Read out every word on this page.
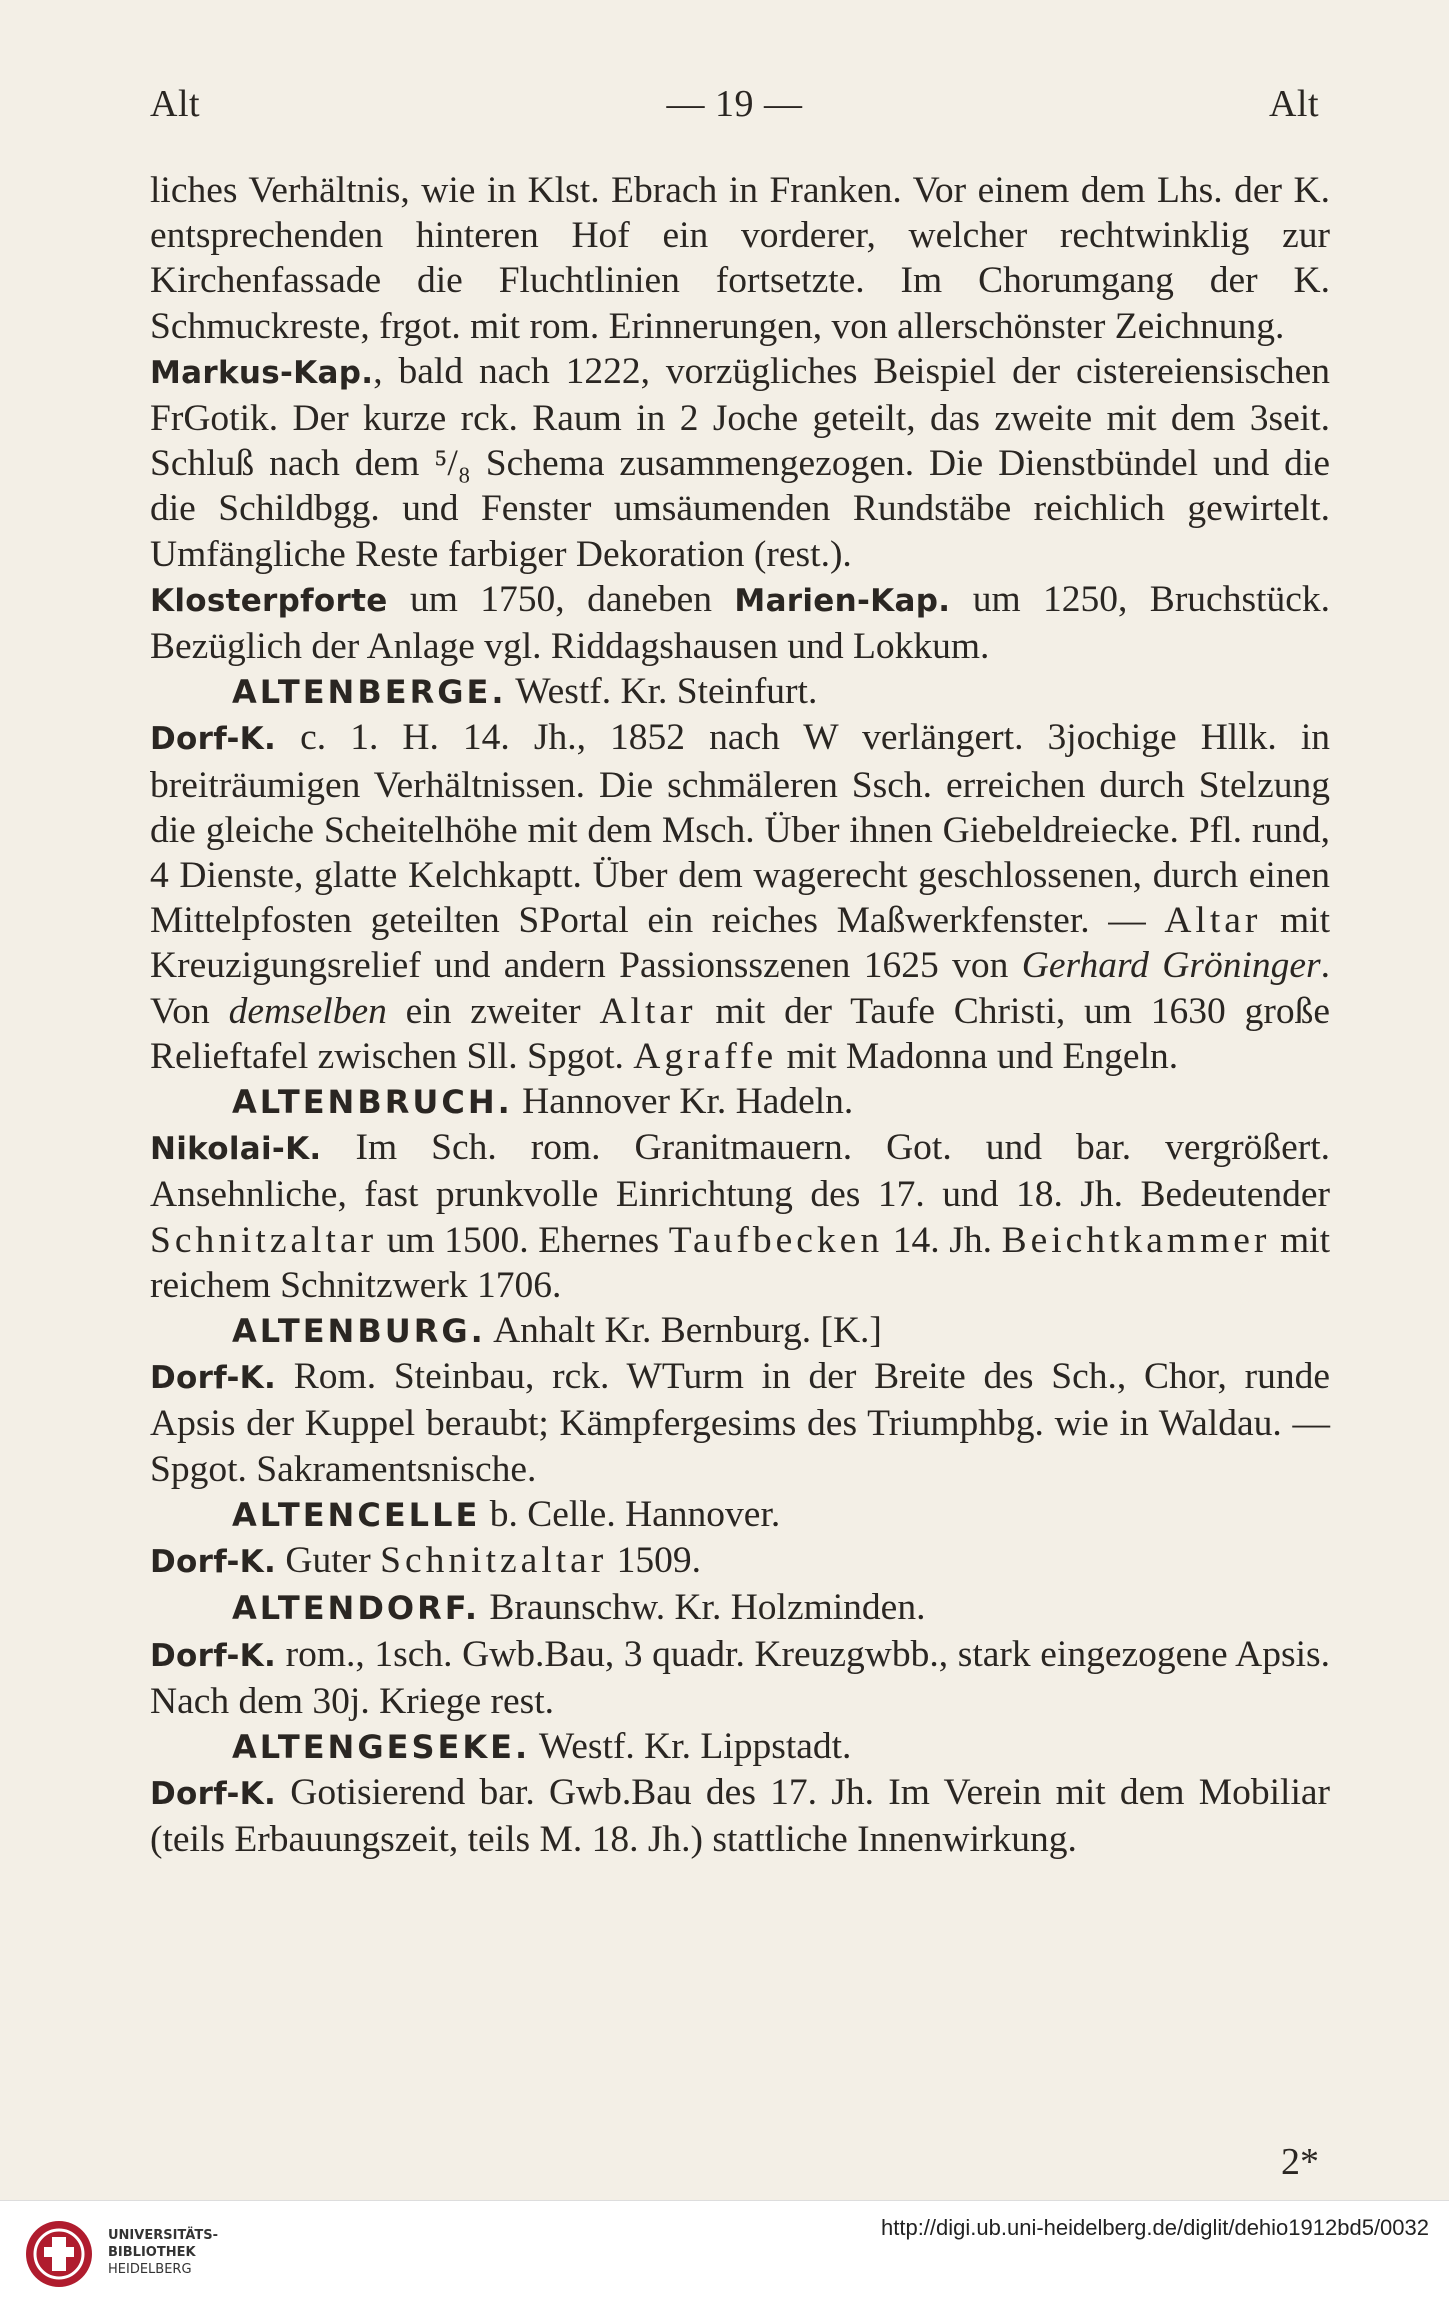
Alt	— 19 —	Alt

liches Verhältnis, wie in Klst. Ebrach in Franken. Vor einem dem Lhs. der K. entsprechenden hinteren Hof ein vorderer, welcher rechtwinklig zur Kirchenfassade die Fluchtlinien fortsetzte. Im Chorumgang der K. Schmuckreste, frgot. mit rom. Erinnerungen, von allerschönster Zeichnung.

Markus-Kap., bald nach 1222, vorzügliches Beispiel der cistereiensischen FrGotik. Der kurze rck. Raum in 2 Joche geteilt, das zweite mit dem 3seit. Schluß nach dem ⁵/₈ Schema zusammengezogen. Die Dienstbündel und die die Schildbgg. und Fenster umsäumenden Rundstäbe reichlich gewirtelt. Umfängliche Reste farbiger Dekoration (rest.).

Klosterpforte um 1750, daneben Marien-Kap. um 1250, Bruchstück. Bezüglich der Anlage vgl. Riddagshausen und Lokkum.

ALTENBERGE. Westf. Kr. Steinfurt.

Dorf-K. c. 1. H. 14. Jh., 1852 nach W verlängert. 3jochige Hllk. in breiträumigen Verhältnissen. Die schmäleren Ssch. erreichen durch Stelzung die gleiche Scheitelhöhe mit dem Msch. Über ihnen Giebeldreiecke. Pfl. rund, 4 Dienste, glatte Kelchkaptt. Über dem wagerecht geschlossenen, durch einen Mittelpfosten geteilten SPortal ein reiches Maßwerkfenster. — Altar mit Kreuzigungsrelief und andern Passionsszenen 1625 von Gerhard Gröninger. Von demselben ein zweiter Altar mit der Taufe Christi, um 1630 große Relieftafel zwischen Sll. Spgot. Agraffe mit Madonna und Engeln.

ALTENBRUCH. Hannover Kr. Hadeln.

Nikolai-K. Im Sch. rom. Granitmauern. Got. und bar. vergrößert. Ansehnliche, fast prunkvolle Einrichtung des 17. und 18. Jh. Bedeutender Schnitzaltar um 1500. Ehernes Taufbecken 14. Jh. Beichtkammer mit reichem Schnitzwerk 1706.

ALTENBURG. Anhalt Kr. Bernburg. [K.]

Dorf-K. Rom. Steinbau, rck. WTurm in der Breite des Sch., Chor, runde Apsis der Kuppel beraubt; Kämpfergesims des Triumphbg. wie in Waldau. — Spgot. Sakramentsnische.

ALTENCELLE b. Celle. Hannover.

Dorf-K. Guter Schnitzaltar 1509.

ALTENDORF. Braunschw. Kr. Holzminden.

Dorf-K. rom., 1sch. Gwb.Bau, 3 quadr. Kreuzgwbb., stark eingezogene Apsis. Nach dem 30j. Kriege rest.

ALTENGESEKE. Westf. Kr. Lippstadt.

Dorf-K. Gotisierend bar. Gwb.Bau des 17. Jh. Im Verein mit dem Mobiliar (teils Erbauungszeit, teils M. 18. Jh.) stattliche Innenwirkung.

2*
UNIVERSITÄTS-
BIBLIOTHEK
HEIDELBERG
http://digi.ub.uni-heidelberg.de/diglit/dehio1912bd5/0032
